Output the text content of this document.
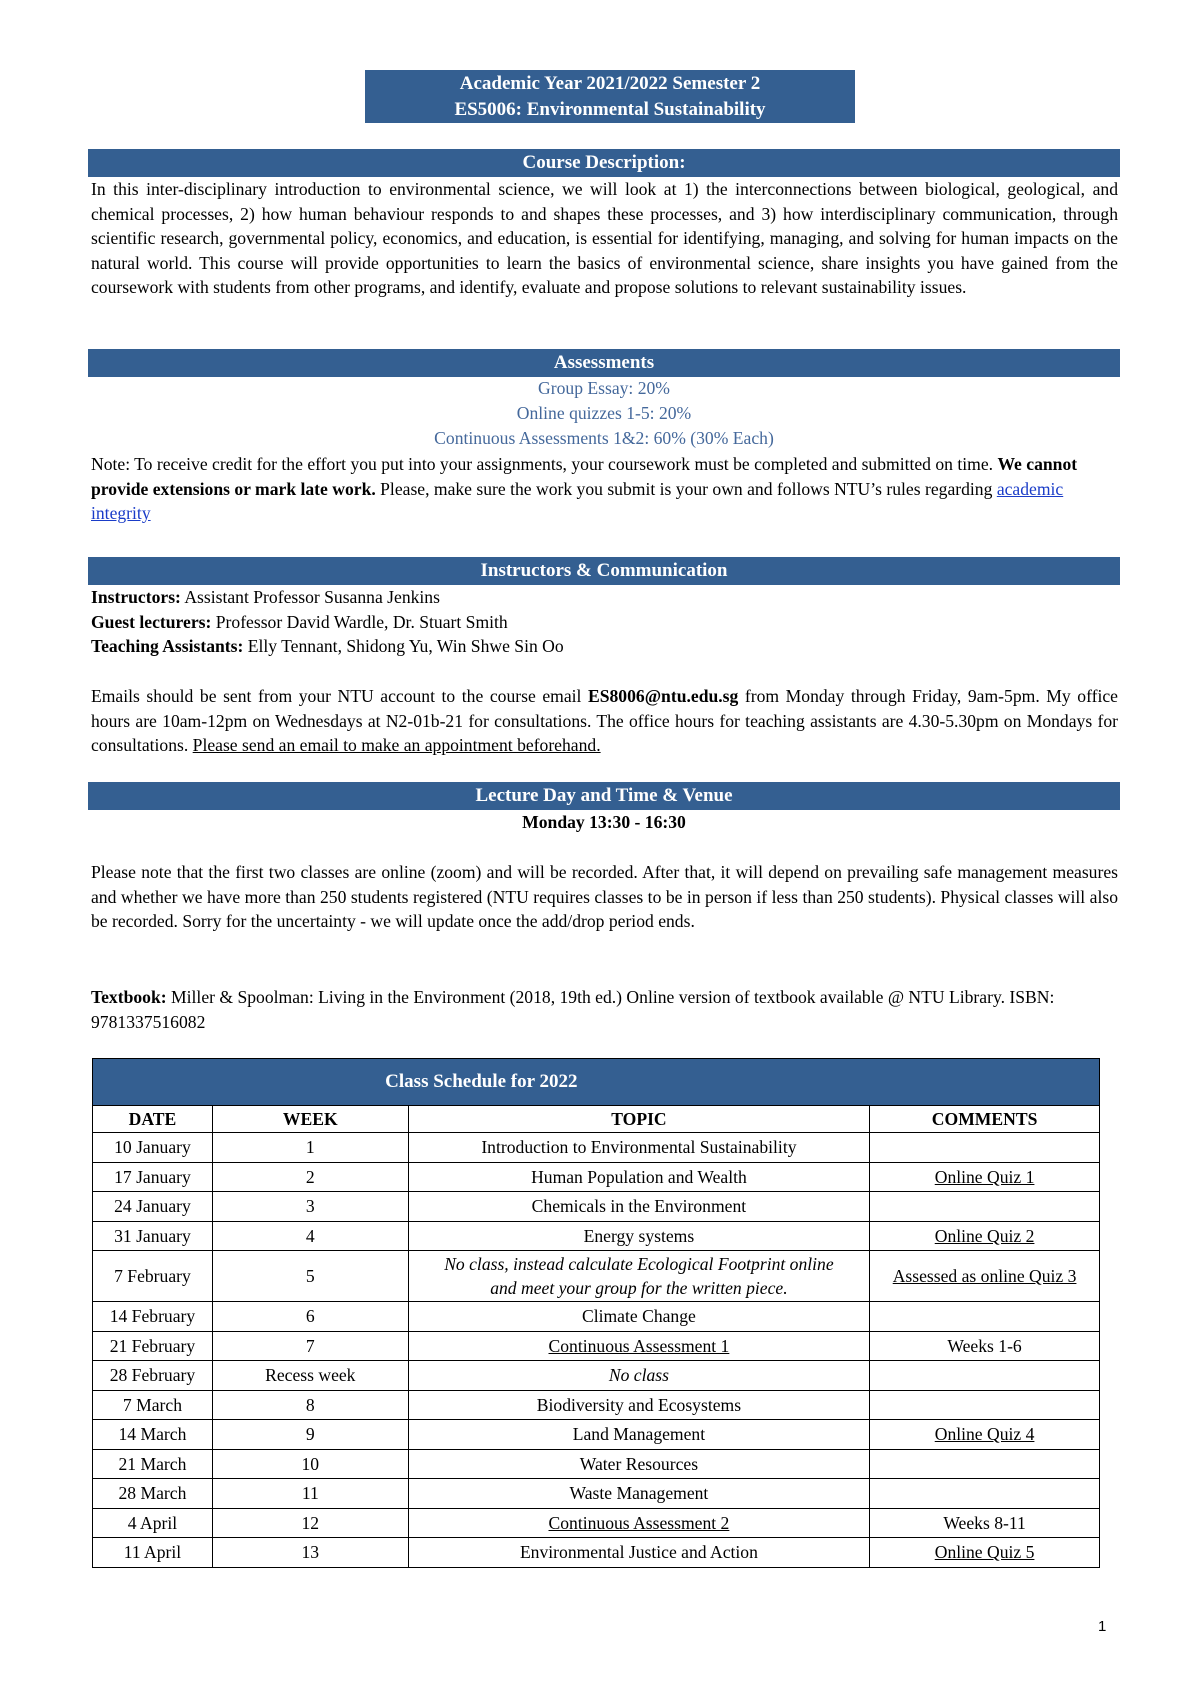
Academic Year 2021/2022 Semester 2
ES5006: Environmental Sustainability
Course Description:
In this inter-disciplinary introduction to environmental science, we will look at 1) the interconnections between biological, geological, and chemical processes, 2) how human behaviour responds to and shapes these processes, and 3) how interdisciplinary communication, through scientific research, governmental policy, economics, and education, is essential for identifying, managing, and solving for human impacts on the natural world. This course will provide opportunities to learn the basics of environmental science, share insights you have gained from the coursework with students from other programs, and identify, evaluate and propose solutions to relevant sustainability issues.
Assessments
Group Essay: 20%
Online quizzes 1-5: 20%
Continuous Assessments 1&2: 60% (30% Each)
Note: To receive credit for the effort you put into your assignments, your coursework must be completed and submitted on time. We cannot provide extensions or mark late work. Please, make sure the work you submit is your own and follows NTU’s rules regarding academic integrity
Instructors & Communication
Instructors: Assistant Professor Susanna Jenkins
Guest lecturers: Professor David Wardle, Dr. Stuart Smith
Teaching Assistants: Elly Tennant, Shidong Yu, Win Shwe Sin Oo
Emails should be sent from your NTU account to the course email ES8006@ntu.edu.sg from Monday through Friday, 9am-5pm. My office hours are 10am-12pm on Wednesdays at N2-01b-21 for consultations. The office hours for teaching assistants are 4.30-5.30pm on Mondays for consultations. Please send an email to make an appointment beforehand.
Lecture Day and Time & Venue
Monday 13:30 - 16:30
Please note that the first two classes are online (zoom) and will be recorded. After that, it will depend on prevailing safe management measures and whether we have more than 250 students registered (NTU requires classes to be in person if less than 250 students). Physical classes will also be recorded. Sorry for the uncertainty - we will update once the add/drop period ends.
Textbook: Miller & Spoolman: Living in the Environment (2018, 19th ed.) Online version of textbook available @ NTU Library. ISBN: 9781337516082
Class Schedule for 2022			
DATE	WEEK	TOPIC	COMMENTS
10 January	1	Introduction to Environmental Sustainability	
17 January	2	Human Population and Wealth	Online Quiz 1
24 January	3	Chemicals in the Environment	
31 January	4	Energy systems	Online Quiz 2
7 February	5	No class, instead calculate Ecological Footprint online and meet your group for the written piece.	Assessed as online Quiz 3
14 February	6	Climate Change	
21 February	7	Continuous Assessment 1	Weeks 1-6
28 February	Recess week	No class	
7 March	8	Biodiversity and Ecosystems	
14 March	9	Land Management	Online Quiz 4
21 March	10	Water Resources	
28 March	11	Waste Management	
4 April	12	Continuous Assessment 2	Weeks 8-11
11 April	13	Environmental Justice and Action	Online Quiz 5
1
